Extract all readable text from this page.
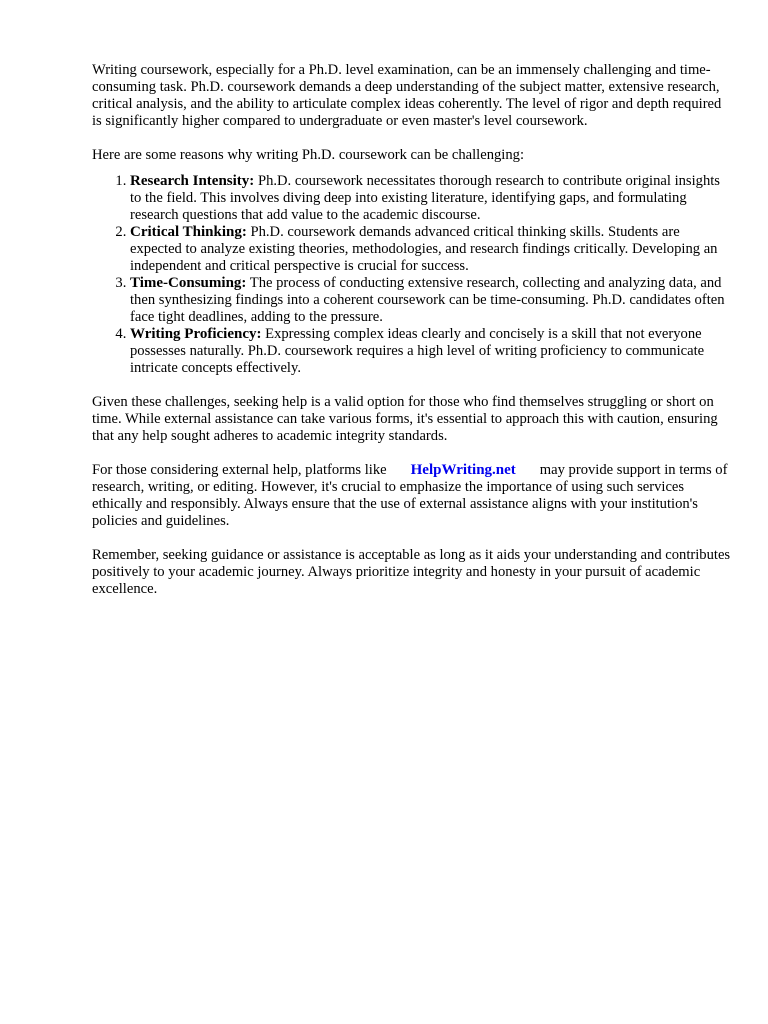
Writing coursework, especially for a Ph.D. level examination, can be an immensely challenging and time-consuming task. Ph.D. coursework demands a deep understanding of the subject matter, extensive research, critical analysis, and the ability to articulate complex ideas coherently. The level of rigor and depth required is significantly higher compared to undergraduate or even master's level coursework.

Here are some reasons why writing Ph.D. coursework can be challenging:

1. Research Intensity: Ph.D. coursework necessitates thorough research to contribute original insights to the field. This involves diving deep into existing literature, identifying gaps, and formulating research questions that add value to the academic discourse.
2. Critical Thinking: Ph.D. coursework demands advanced critical thinking skills. Students are expected to analyze existing theories, methodologies, and research findings critically. Developing an independent and critical perspective is crucial for success.
3. Time-Consuming: The process of conducting extensive research, collecting and analyzing data, and then synthesizing findings into a coherent coursework can be time-consuming. Ph.D. candidates often face tight deadlines, adding to the pressure.
4. Writing Proficiency: Expressing complex ideas clearly and concisely is a skill that not everyone possesses naturally. Ph.D. coursework requires a high level of writing proficiency to communicate intricate concepts effectively.

Given these challenges, seeking help is a valid option for those who find themselves struggling or short on time. While external assistance can take various forms, it's essential to approach this with caution, ensuring that any help sought adheres to academic integrity standards.

For those considering external help, platforms like HelpWriting.net may provide support in terms of research, writing, or editing. However, it's crucial to emphasize the importance of using such services ethically and responsibly. Always ensure that the use of external assistance aligns with your institution's policies and guidelines.

Remember, seeking guidance or assistance is acceptable as long as it aids your understanding and contributes positively to your academic journey. Always prioritize integrity and honesty in your pursuit of academic excellence.
